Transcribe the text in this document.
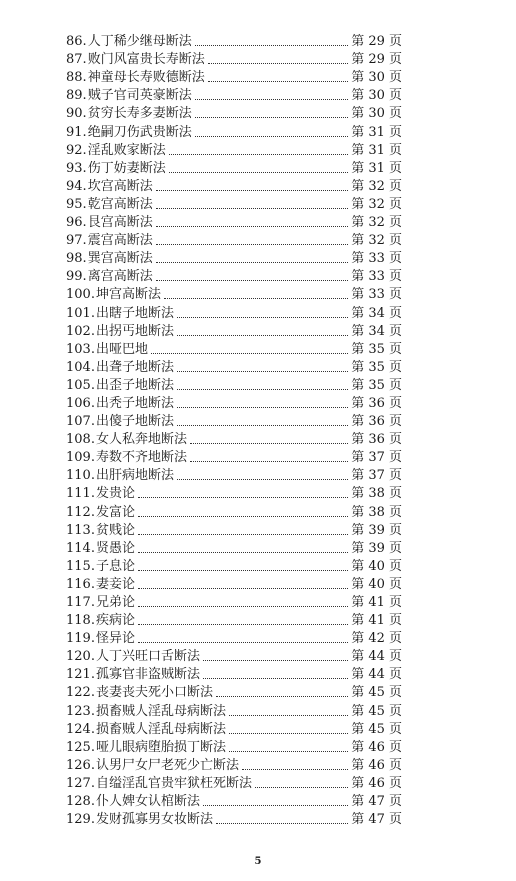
86. 人丁稀少继母断法	第 29 页
87. 败门风富贵长寿断法	第 29 页
88. 神童母长寿败德断法	第 30 页
89. 贼子官司英豪断法	第 30 页
90. 贫穷长寿多妻断法	第 30 页
91. 绝嗣刀伤武贵断法	第 31 页
92. 淫乱败家断法	第 31 页
93. 伤丁妨妻断法	第 31 页
94. 坎宫高断法	第 32 页
95. 乾宫高断法	第 32 页
96. 艮宫高断法	第 32 页
97. 震宫高断法	第 32 页
98. 巽宫高断法	第 33 页
99. 离宫高断法	第 33 页
100. 坤宫高断法	第 33 页
101. 出瞎子地断法	第 34 页
102. 出拐丐地断法	第 34 页
103. 出哑巴地	第 35 页
104. 出聋子地断法	第 35 页
105. 出歪子地断法	第 35 页
106. 出秃子地断法	第 36 页
107. 出傻子地断法	第 36 页
108. 女人私奔地断法	第 36 页
109. 寿数不齐地断法	第 37 页
110. 出肝病地断法	第 37 页
111. 发贵论	第 38 页
112. 发富论	第 38 页
113. 贫贱论	第 39 页
114. 贤愚论	第 39 页
115. 子息论	第 40 页
116. 妻妾论	第 40 页
117. 兄弟论	第 41 页
118. 疾病论	第 41 页
119. 怪异论	第 42 页
120. 人丁兴旺口舌断法	第 44 页
121. 孤寡官非盗贼断法	第 44 页
122. 丧妻丧夫死小口断法	第 45 页
123. 损畜贼人淫乱母病断法	第 45 页
124. 损畜贼人淫乱母病断法	第 45 页
125. 哑儿眼病堕胎损丁断法	第 46 页
126. 认男尸女尸老死少亡断法	第 46 页
127. 自缢淫乱官贵牢狱枉死断法	第 46 页
128. 仆人婢女认棺断法	第 47 页
129. 发财孤寡男女妆断法	第 47 页
5
